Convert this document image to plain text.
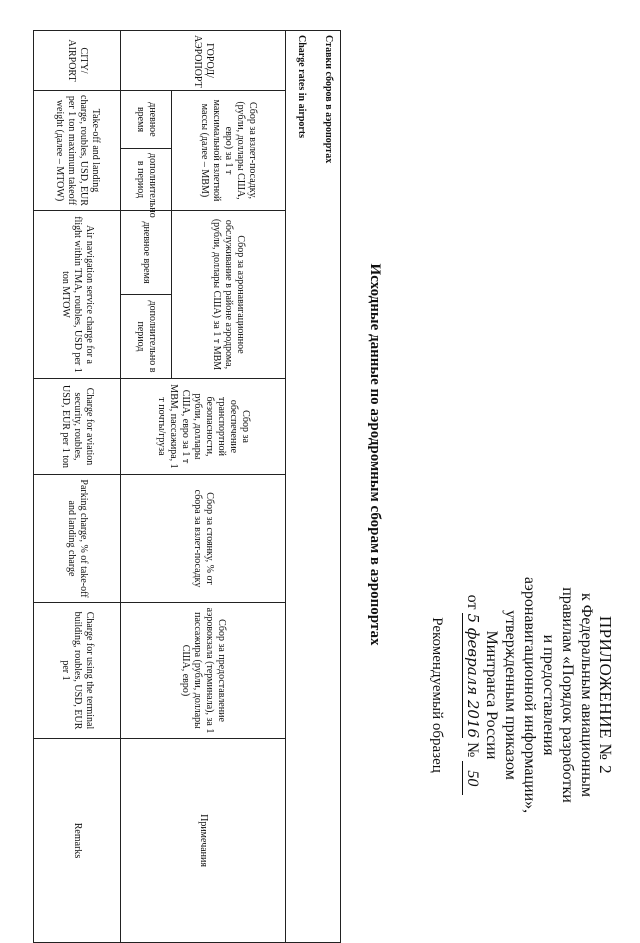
ПРИЛОЖЕНИЕ № 2
к Федеральным авиационным
правилам «Порядок разработки
и предоставления
аэронавигационной информации»,
утвержденным приказом
Минтранса России
от 5 февраля 2016 № 50
Рекомендуемый образец
Исходные данные по аэродромным сборам в аэропортах
Ставки сборов в аэропортах								
Charge rates in airports								
ГОРОД/ АЭРОПОРТ	Сбор за взлет-посадку, (рубли, доллары США, евро) за 1 т максимальной взлетной массы (далее – МВМ)		Сбор за аэронавигационное обслуживание в районе аэродрома, (рубли, доллары США) за 1 т МВМ		Сбор за обеспечение транспортной безопасности, рубли, доллары США, евро за 1 т МВМ, пассажира, 1 т почты/груза	Сбор за стоянку, % от сбора за взлет-посадку	Сбор за предоставление аэровокзала (терминала), за 1 пассажира (рубли, доллары США, евро)	Примечания
	дневное время	дополнительно в период	дневное время	дополнительно в период				
CITY/ AIRPORT	Take-off and landing charge, roubles, USD, EUR per 1 ton maximum takeoff weight (далее – MTOW)		Air navigation service charge for a flight within TMA, roubles, USD per 1 ton MTOW		Charge for aviation security, roubles, USD, EUR per 1 ton	Parking charge, % of take-off and landing charge	Charge for using the terminal building, roubles, USD, EUR per 1	Remarks
